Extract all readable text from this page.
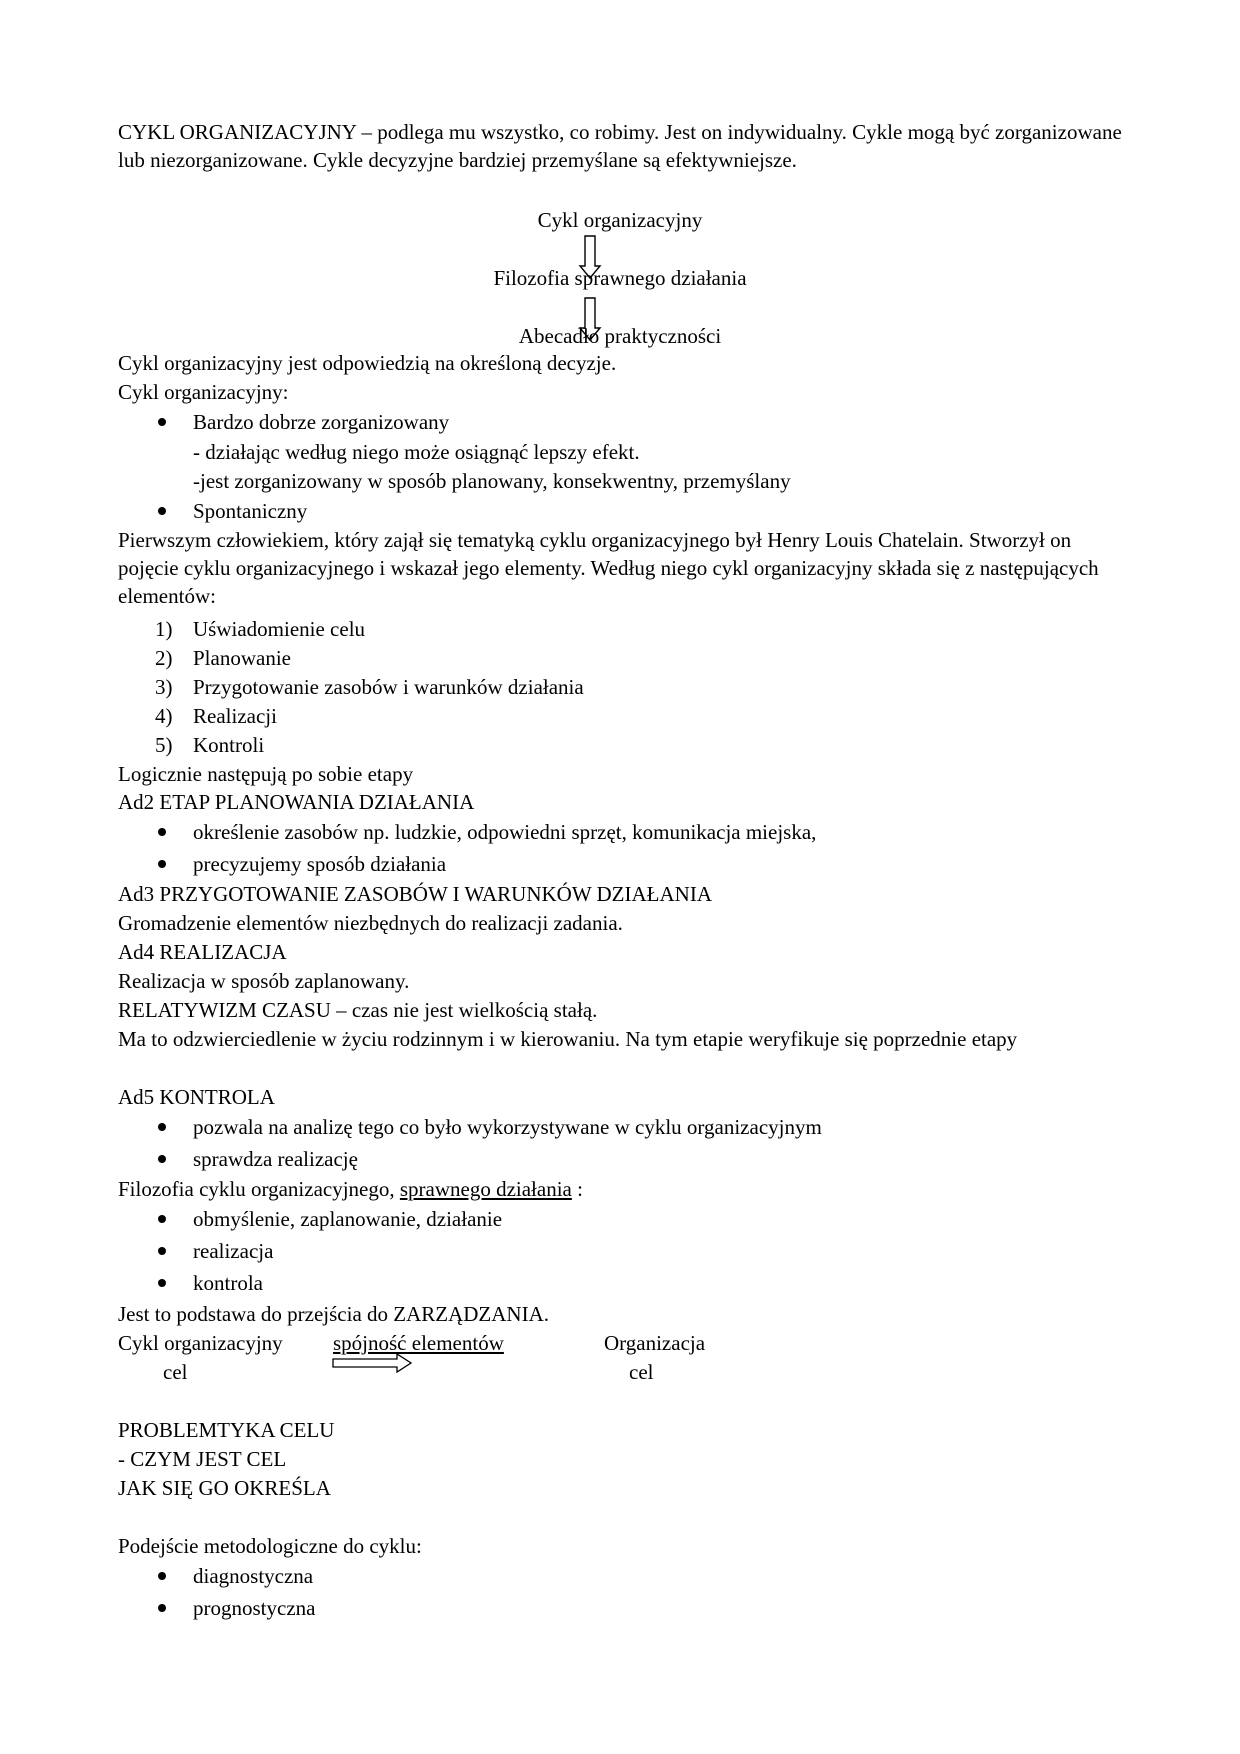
CYKL ORGANIZACYJNY – podlega mu wszystko, co robimy. Jest on indywidualny. Cykle mogą być zorganizowane lub niezorganizowane. Cykle decyzyjne bardziej przemyślane są efektywniejsze.
Cykl organizacyjny
Filozofia sprawnego działania
Abecadło praktyczności
Cykl organizacyjny jest odpowiedzią na określoną decyzje.
Cykl organizacyjny:
Bardzo dobrze zorganizowany
- działając według niego może osiągnąć lepszy efekt.
-jest zorganizowany w sposób planowany, konsekwentny, przemyślany
Spontaniczny
Pierwszym człowiekiem, który zajął się tematyką cyklu organizacyjnego był Henry Louis Chatelain. Stworzył on pojęcie cyklu organizacyjnego i wskazał jego elementy. Według niego cykl organizacyjny składa się z następujących elementów:
1) Uświadomienie celu
2) Planowanie
3) Przygotowanie zasobów i warunków działania
4) Realizacji
5) Kontroli
Logicznie następują po sobie etapy
Ad2 ETAP PLANOWANIA DZIAŁANIA
określenie zasobów np. ludzkie, odpowiedni sprzęt, komunikacja miejska,
precyzujemy sposób działania
Ad3 PRZYGOTOWANIE ZASOBÓW I WARUNKÓW DZIAŁANIA
Gromadzenie elementów niezbędnych do realizacji zadania.
Ad4 REALIZACJA
Realizacja w sposób zaplanowany.
RELATYWIZM CZASU – czas nie jest wielkością stałą.
Ma to odzwierciedlenie w życiu rodzinnym i w kierowaniu. Na tym etapie weryfikuje się poprzednie etapy
Ad5 KONTROLA
pozwala na analizę tego co było wykorzystywane w cyklu organizacyjnym
sprawdza realizację
Filozofia cyklu organizacyjnego, sprawnego działania :
obmyślenie, zaplanowanie, działanie
realizacja
kontrola
Jest to podstawa do przejścia do ZARZĄDZANIA.
Cykl organizacyjny spójność elementów	Organizacja
cel	cel
PROBLEMTYKA CELU
- CZYM JEST CEL
JAK SIĘ GO OKREŚLA
Podejście metodologiczne do cyklu:
diagnostyczna
prognostyczna
